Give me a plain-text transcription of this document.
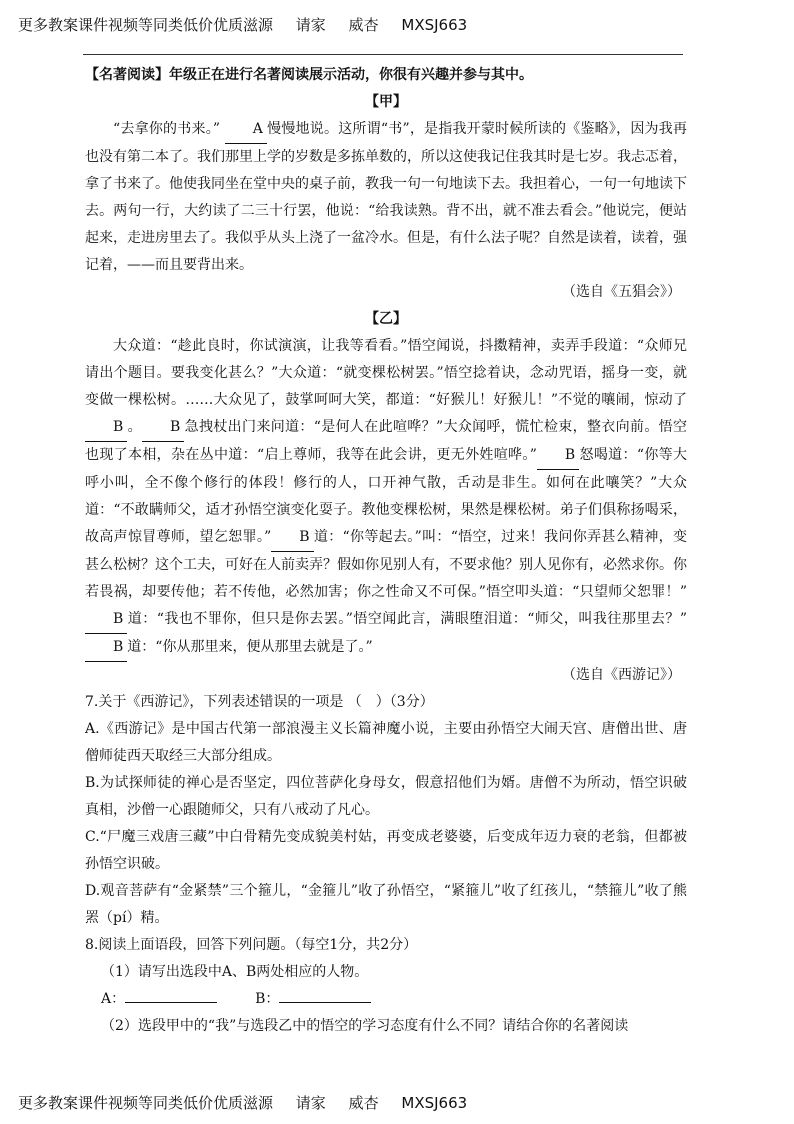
更多教案课件视频等同类低价优质滋源 请家 威杏 MXSJ663

【名著阅读】年级正在进行名著阅读展示活动，你很有兴趣并参与其中。

【甲】

“去拿你的书来。” A 慢慢地说。这所谓“书”，是指我开蒙时候所读的《鉴略》，因为我再也没有第二本了。我们那里上学的岁数是多拣单数的，所以这使我记住我其时是七岁。我忐忑着，拿了书来了。他使我同坐在堂中央的桌子前，教我一句一句地读下去。我担着心，一句一句地读下去。两句一行，大约读了二三十行罢，他说：“给我读熟。背不出，就不准去看会。”他说完，便站起来，走进房里去了。我似乎从头上浇了一盆冷水。但是，有什么法子呢？自然是读着，读着，强记着，——而且要背出来。

（选自《五猖会》）

【乙】

大众道：“趁此良时，你试演演，让我等看看。”悟空闻说，抖擞精神，卖弄手段道：“众师兄请出个题目。要我变化甚么？”大众道：“就变棵松树罢。”悟空捻着诀，念动咒语，摇身一变，就变做一棵松树。……大众见了，鼓掌呵呵大笑，都道：“好猴儿！好猴儿！”不觉的嚷闹，惊动了B 。 B 急拽杖出门来问道：“是何人在此喧哗？”大众闻呼，慌忙检束，整衣向前。悟空也现了本相，杂在丛中道：“启上尊师，我等在此会讲，更无外姓喧哗。” B 怒喝道：“你等大呼小叫，全不像个修行的体段！修行的人，口开神气散，舌动是非生。如何在此嚷笑？”大众道：“不敢瞒师父，适才孙悟空演变化耍子。教他变棵松树，果然是棵松树。弟子们俱称扬喝采，故高声惊冒尊师，望乞恕罪。” B 道：“你等起去。”叫：“悟空，过来！我问你弄甚么精神，变甚么松树？这个工夫，可好在人前卖弄？假如你见别人有，不要求他？别人见你有，必然求你。你若畏祸，却要传他；若不传他，必然加害；你之性命又不可保。”悟空叩头道：“只望师父恕罪！”B 道：“我也不罪你，但只是你去罢。”悟空闻此言，满眼堕泪道：“师父，叫我往那里去？”B 道：“你从那里来，便从那里去就是了。”

（选自《西游记》）

7.关于《西游记》，下列表述错误的一项是 （　）（3分）

A.《西游记》是中国古代第一部浪漫主义长篇神魔小说，主要由孙悟空大闹天宫、唐僧出世、唐僧师徒西天取经三大部分组成。

B.为试探师徒的禅心是否坚定，四位菩萨化身母女，假意招他们为婿。唐僧不为所动，悟空识破真相，沙僧一心跟随师父，只有八戒动了凡心。

C.“尸魔三戏唐三藏”中白骨精先变成貌美村姑，再变成老婆婆，后变成年迈力衰的老翁，但都被孙悟空识破。

D.观音菩萨有“金紧禁”三个箍儿，“金箍儿”收了孙悟空，“紧箍儿”收了红孩儿，“禁箍儿”收了熊罴（pí）精。

8.阅读上面语段，回答下列问题。（每空1分，共2分）

（1）请写出选段中A、B两处相应的人物。

A：	B：

（2）选段甲中的“我”与选段乙中的悟空的学习态度有什么不同？请结合你的名著阅读

更多教案课件视频等同类低价优质滋源 请家 威杏 MXSJ663
